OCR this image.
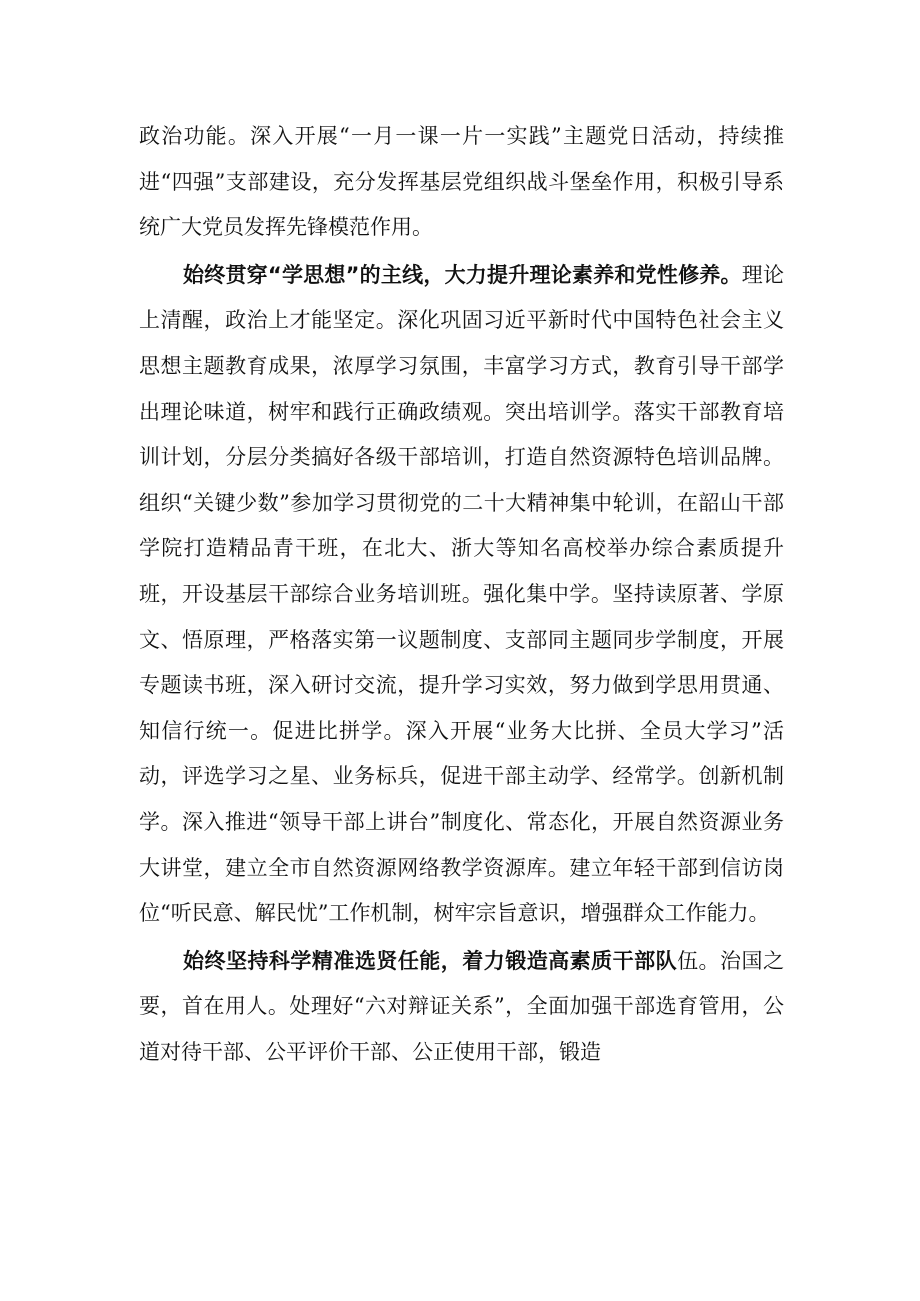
政治功能。深入开展“一月一课一片一实践”主题党日活动，持续推进“四强”支部建设，充分发挥基层党组织战斗堡垒作用，积极引导系统广大党员发挥先锋模范作用。

始终贯穿“学思想”的主线，大力提升理论素养和党性修养。理论上清醒，政治上才能坚定。深化巩固习近平新时代中国特色社会主义思想主题教育成果，浓厚学习氛围，丰富学习方式，教育引导干部学出理论味道，树牢和践行正确政绩观。突出培训学。落实干部教育培训计划，分层分类搞好各级干部培训，打造自然资源特色培训品牌。组织“关键少数”参加学习贯彻党的二十大精神集中轮训，在韶山干部学院打造精品青干班，在北大、浙大等知名高校举办综合素质提升班，开设基层干部综合业务培训班。强化集中学。坚持读原著、学原文、悟原理，严格落实第一议题制度、支部同主题同步学制度，开展专题读书班，深入研讨交流，提升学习实效，努力做到学思用贯通、知信行统一。促进比拼学。深入开展“业务大比拼、全员大学习”活动，评选学习之星、业务标兵，促进干部主动学、经常学。创新机制学。深入推进“领导干部上讲台”制度化、常态化，开展自然资源业务大讲堂，建立全市自然资源网络教学资源库。建立年轻干部到信访岗位“听民意、解民忧”工作机制，树牢宗旨意识，增强群众工作能力。

始终坚持科学精准选贤任能，着力锻造高素质干部队伍。治国之要，首在用人。处理好“六对辩证关系”，全面加强干部选育管用，公道对待干部、公平评价干部、公正使用干部，锻造
